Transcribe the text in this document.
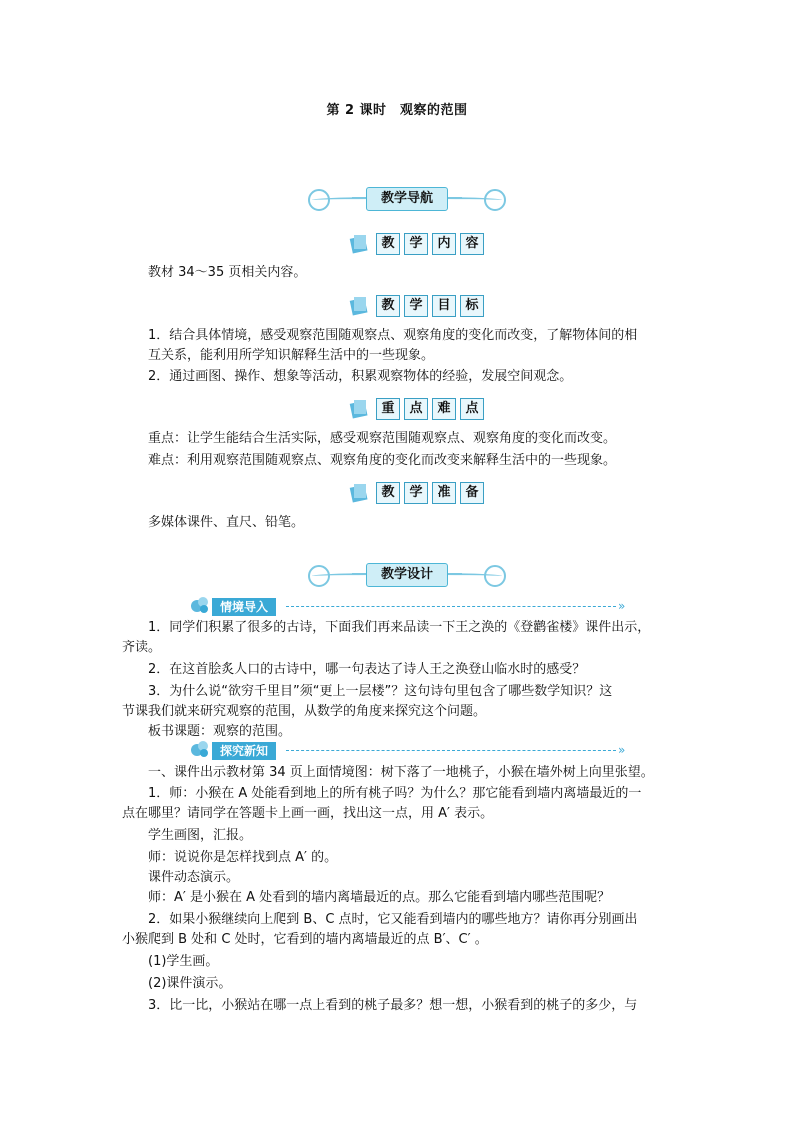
第 2 课时　观察的范围
教学导航
教	学	内	容
教材 34～35 页相关内容。
教	学	目	标
1．结合具体情境，感受观察范围随观察点、观察角度的变化而改变，了解物体间的相
互关系，能利用所学知识解释生活中的一些现象。
2．通过画图、操作、想象等活动，积累观察物体的经验，发展空间观念。
重	点	难	点
重点：让学生能结合生活实际，感受观察范围随观察点、观察角度的变化而改变。
难点：利用观察范围随观察点、观察角度的变化而改变来解释生活中的一些现象。
教	学	准	备
多媒体课件、直尺、铅笔。
教学设计
情境导入	»
1．同学们积累了很多的古诗，下面我们再来品读一下王之涣的《登鹳雀楼》课件出示，
齐读。
2．在这首脍炙人口的古诗中，哪一句表达了诗人王之涣登山临水时的感受？
3．为什么说“欲穷千里目”须“更上一层楼”？这句诗句里包含了哪些数学知识？这
节课我们就来研究观察的范围，从数学的角度来探究这个问题。
板书课题：观察的范围。
探究新知	»
一、课件出示教材第 34 页上面情境图：树下落了一地桃子，小猴在墙外树上向里张望。
1．师：小猴在 A 处能看到地上的所有桃子吗？为什么？那它能看到墙内离墙最近的一
点在哪里？请同学在答题卡上画一画，找出这一点，用 A′ 表示。
学生画图，汇报。
师：说说你是怎样找到点 A′ 的。
课件动态演示。
师：A′ 是小猴在 A 处看到的墙内离墙最近的点。那么它能看到墙内哪些范围呢？
2．如果小猴继续向上爬到 B、C 点时，它又能看到墙内的哪些地方？请你再分别画出
小猴爬到 B 处和 C 处时，它看到的墙内离墙最近的点 B′、C′ 。
(1)学生画。
(2)课件演示。
3．比一比，小猴站在哪一点上看到的桃子最多？想一想，小猴看到的桃子的多少，与
